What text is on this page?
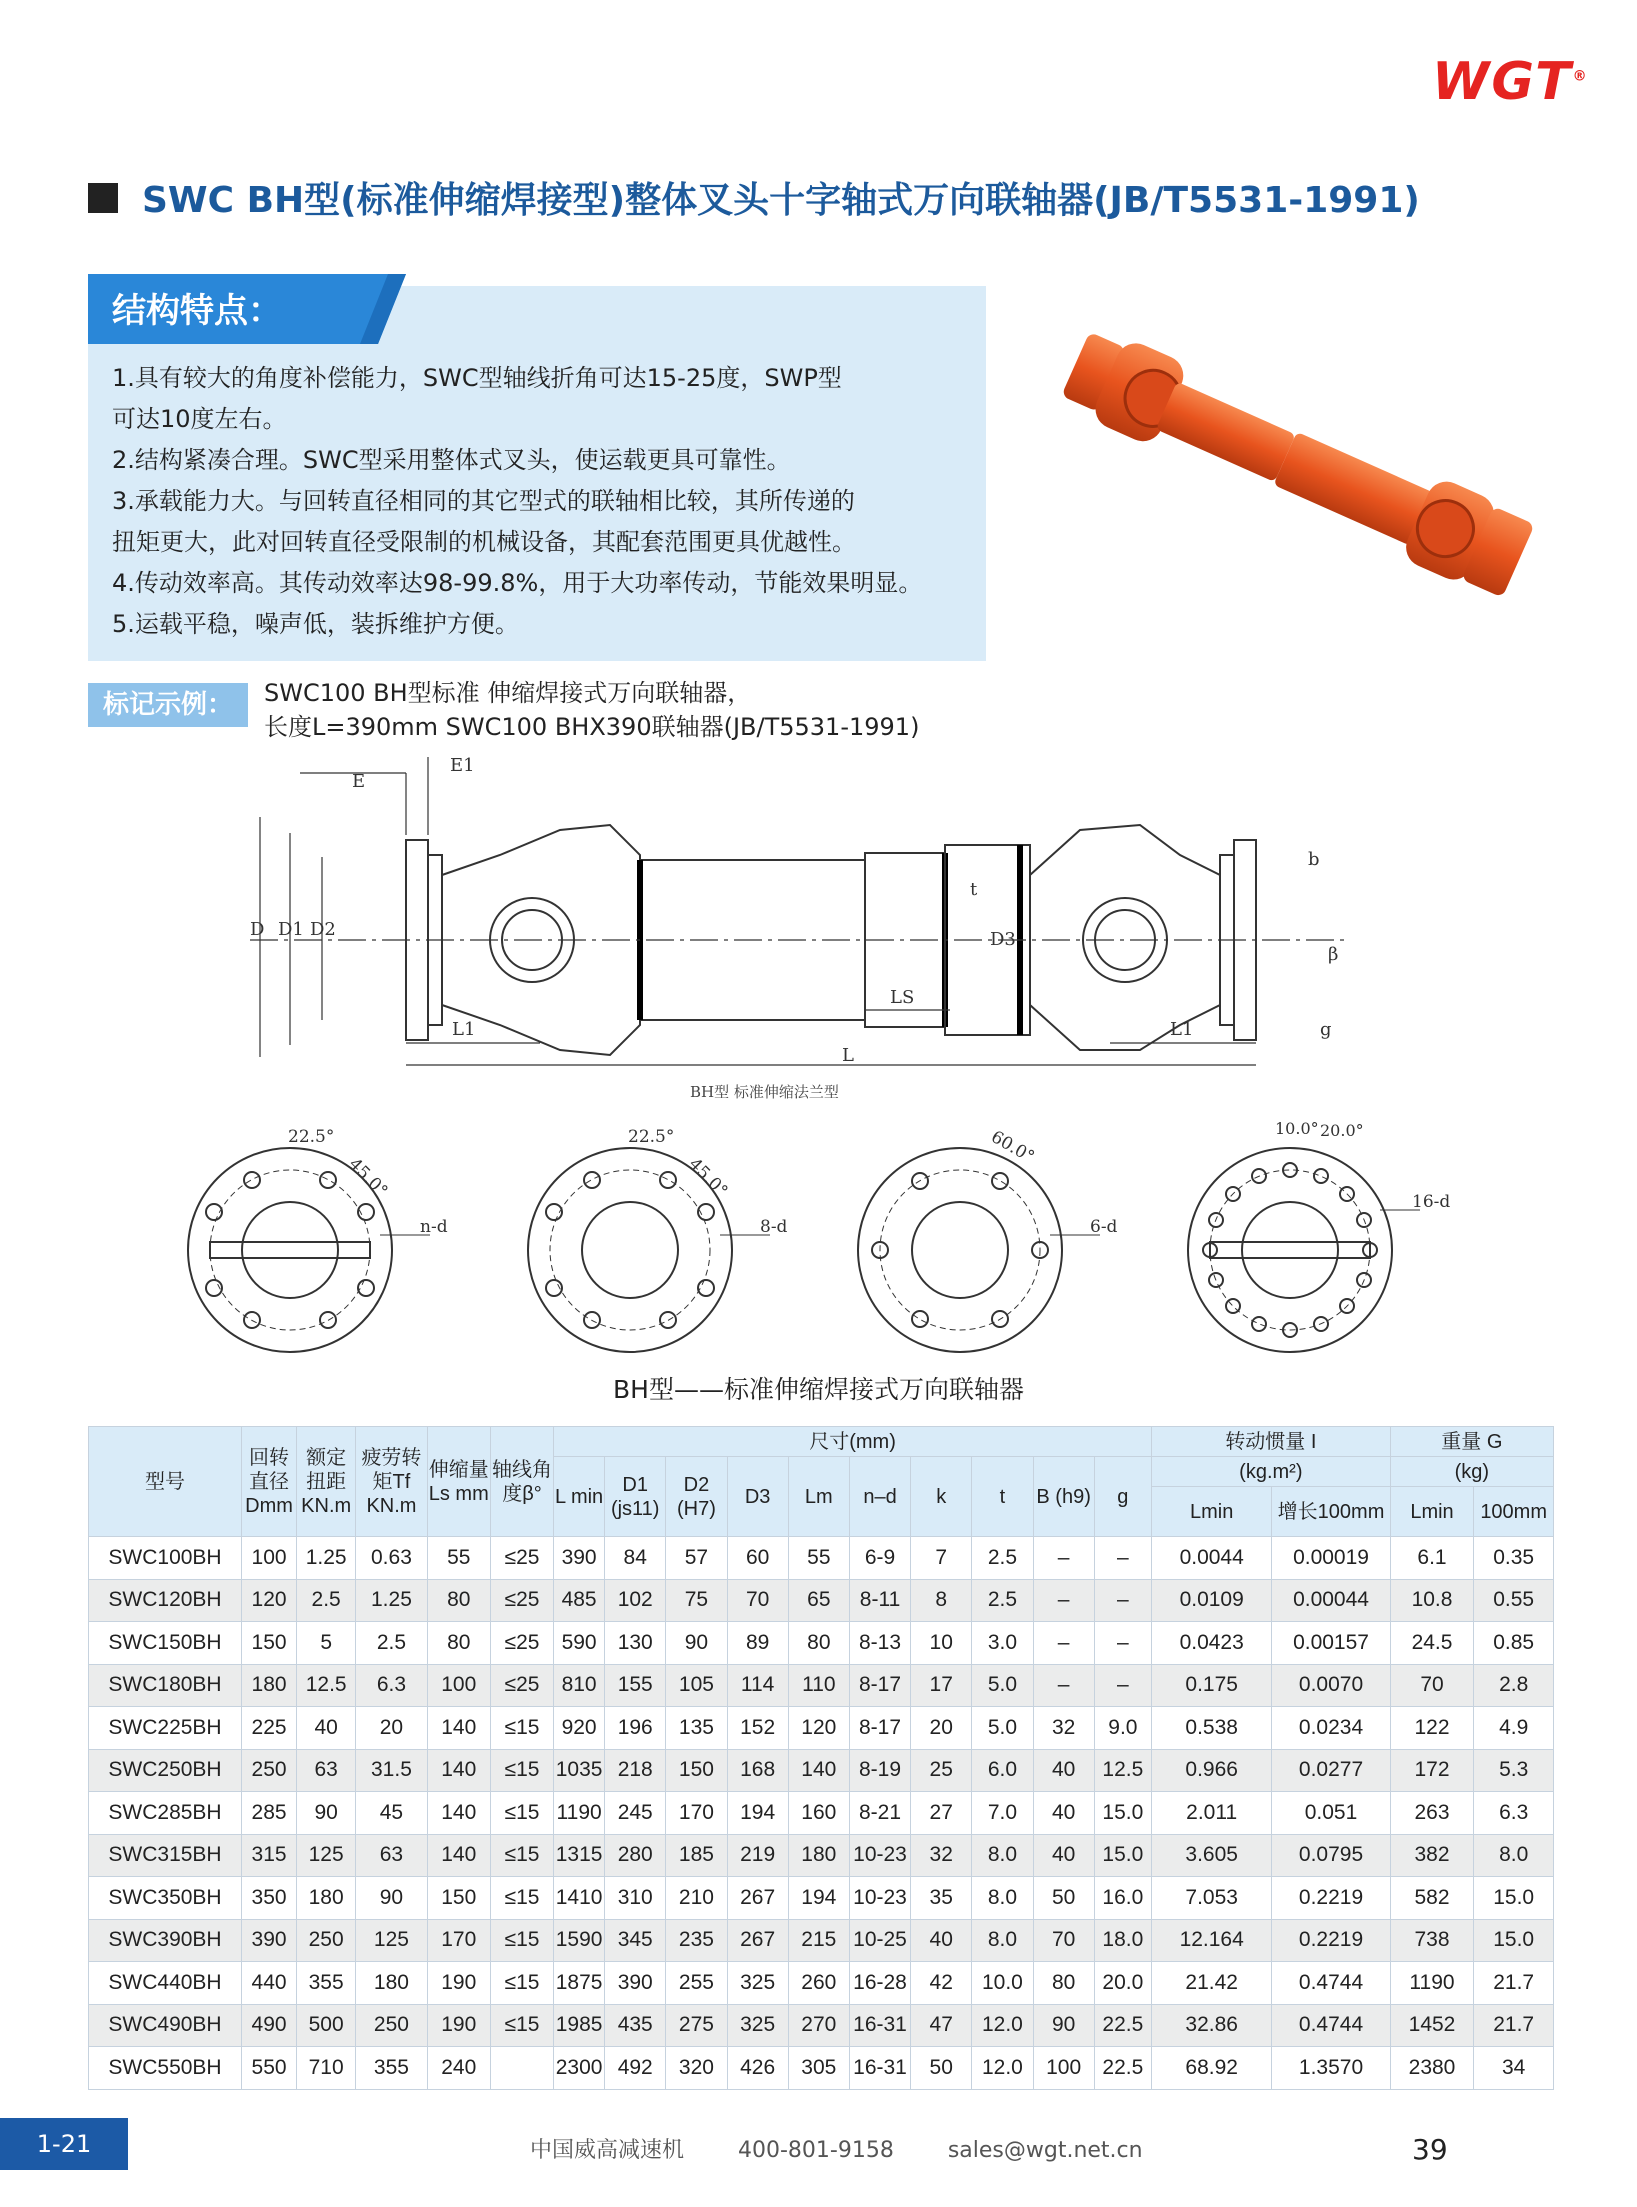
WGT®
SWC BH型(标准伸缩焊接型)整体叉头十字轴式万向联轴器(JB/T5531-1991)
结构特点：
1.具有较大的角度补偿能力，SWC型轴线折角可达15-25度，SWP型
可达10度左右。
2.结构紧凑合理。SWC型采用整体式叉头，使运载更具可靠性。
3.承载能力大。与回转直径相同的其它型式的联轴相比较，其所传递的
扭矩更大，此对回转直径受限制的机械设备，其配套范围更具优越性。
4.传动效率高。其传动效率达98-99.8%，用于大功率传动，节能效果明显。
5.运载平稳，噪声低，装拆维护方便。
标记示例：	SWC100 BH型标准 伸缩焊接式万向联轴器，
长度L=390mm SWC100 BHX390联轴器(JB/T5531-1991)
E
E1
D D1 D2	D3
t
b
β
L1
LS
L1	g
L
BH型 标准伸缩法兰型
22.5°
45.0°
n-d
22.5°
45.0°
8-d
60.0°
6-d
10.0° 20.0°
16-d
BH型——标准伸缩焊接式万向联轴器
型号	回转直径Dmm	额定扭距KN.m	疲劳转矩Tf KN.m	伸缩量Ls mm	轴线角度β°	尺寸(mm)										转动惯量 I		重量 G	
						L min	D1 (js11)	D2 (H7)	D3	Lm	n–d	k	t	B (h9)	g	(kg.m²)		(kg)	
																Lmin	增长100mm	Lmin	100mm
SWC100BH	100	1.25	0.63	55	≤25	390	84	57	60	55	6-9	7	2.5	–	–	0.0044	0.00019	6.1	0.35
SWC120BH	120	2.5	1.25	80	≤25	485	102	75	70	65	8-11	8	2.5	–	–	0.0109	0.00044	10.8	0.55
SWC150BH	150	5	2.5	80	≤25	590	130	90	89	80	8-13	10	3.0	–	–	0.0423	0.00157	24.5	0.85
SWC180BH	180	12.5	6.3	100	≤25	810	155	105	114	110	8-17	17	5.0	–	–	0.175	0.0070	70	2.8
SWC225BH	225	40	20	140	≤15	920	196	135	152	120	8-17	20	5.0	32	9.0	0.538	0.0234	122	4.9
SWC250BH	250	63	31.5	140	≤15	1035	218	150	168	140	8-19	25	6.0	40	12.5	0.966	0.0277	172	5.3
SWC285BH	285	90	45	140	≤15	1190	245	170	194	160	8-21	27	7.0	40	15.0	2.011	0.051	263	6.3
SWC315BH	315	125	63	140	≤15	1315	280	185	219	180	10-23	32	8.0	40	15.0	3.605	0.0795	382	8.0
SWC350BH	350	180	90	150	≤15	1410	310	210	267	194	10-23	35	8.0	50	16.0	7.053	0.2219	582	15.0
SWC390BH	390	250	125	170	≤15	1590	345	235	267	215	10-25	40	8.0	70	18.0	12.164	0.2219	738	15.0
SWC440BH	440	355	180	190	≤15	1875	390	255	325	260	16-28	42	10.0	80	20.0	21.42	0.4744	1190	21.7
SWC490BH	490	500	250	190	≤15	1985	435	275	325	270	16-31	47	12.0	90	22.5	32.86	0.4744	1452	21.7
SWC550BH	550	710	355	240		2300	492	320	426	305	16-31	50	12.0	100	22.5	68.92	1.3570	2380	34
1-21	中国威高减速机 400-801-9158 sales@wgt.net.cn	39
